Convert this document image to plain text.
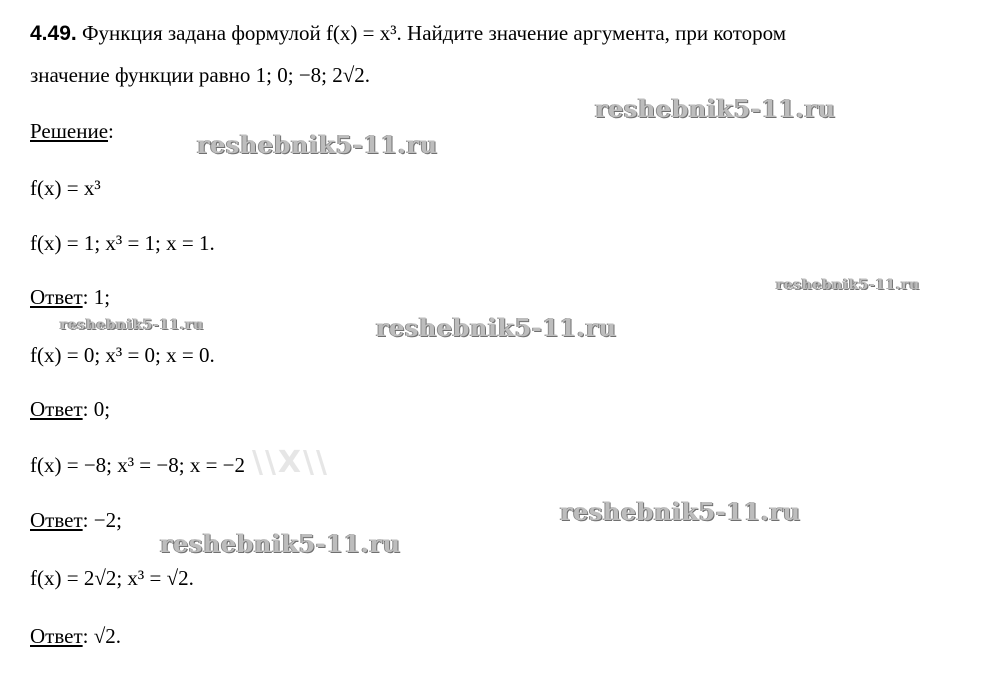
4.49. Функция задана формулой f(x) = x³. Найдите значение аргумента, при котором
значение функции равно 1; 0; −8; 2√2.
Решение:
f(x) = x³
f(x) = 1; x³ = 1; x = 1.
Ответ: 1;
f(x) = 0; x³ = 0; x = 0.
Ответ: 0;
\\X\\
f(x) = −8; x³ = −8; x = −2
Ответ: −2;
f(x) = 2√2; x³ = √2.
Ответ: √2.
reshebnik5-11.ru
reshebnik5-11.ru
reshebnik5-11.ru
reshebnik5-11.ru	reshebnik5-11.ru
reshebnik5-11.ru
reshebnik5-11.ru
